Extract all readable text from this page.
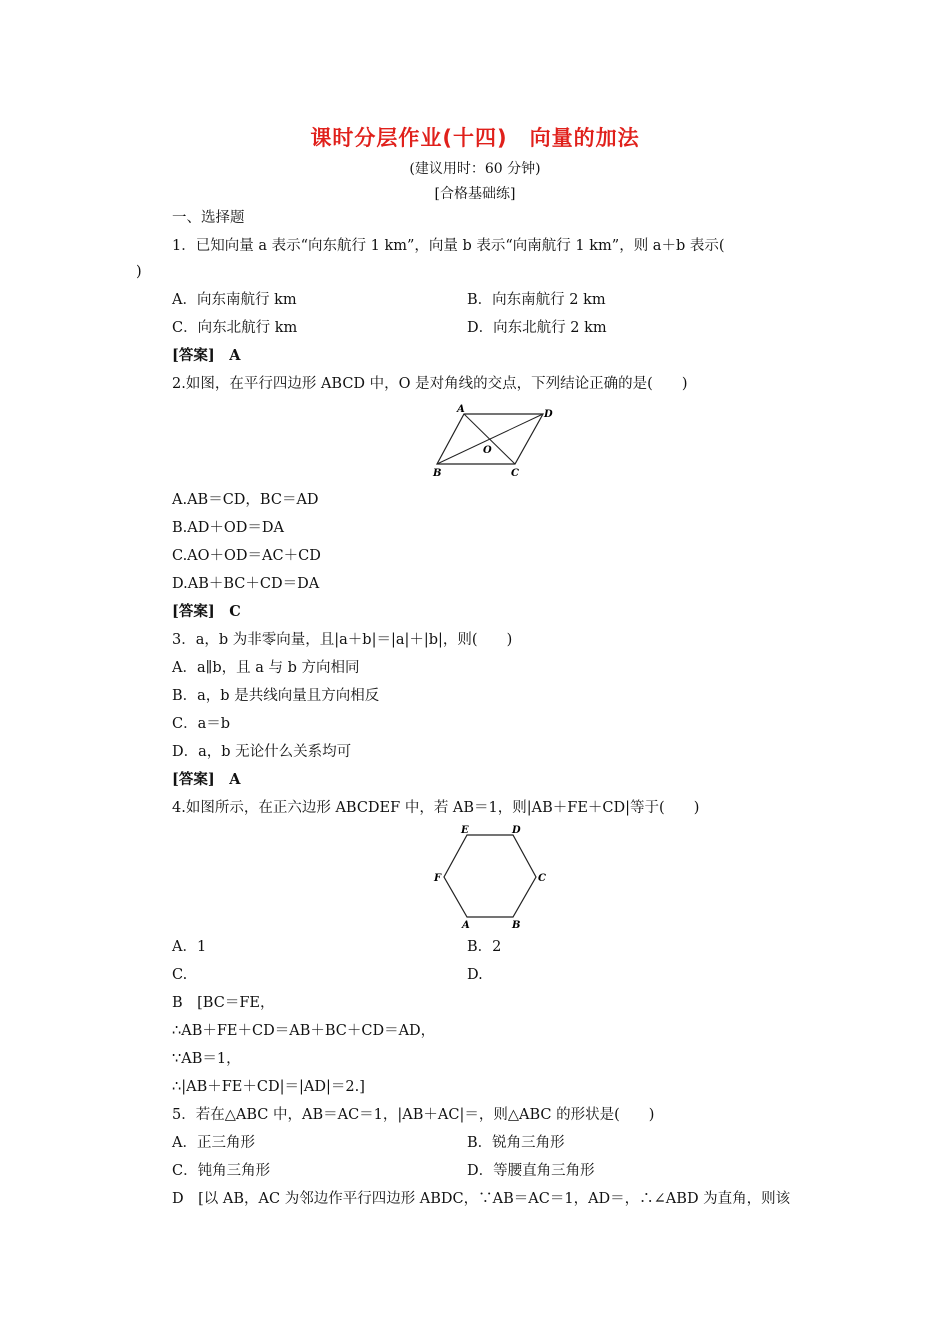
课时分层作业(十四)　向量的加法
(建议用时：60 分钟)
[合格基础练]
一、选择题
1．已知向量 a 表示“向东航行 1 km”，向量 b 表示“向南航行 1 km”，则 a＋b 表示(
)
A．向东南航行 km	B．向东南航行 2 km
C．向东北航行 km	D．向东北航行 2 km
[答案]　A
2.如图，在平行四边形 ABCD 中，O 是对角线的交点，下列结论正确的是(　　)
A	D
O
B	C
A.AB＝CD，BC＝AD
B.AD＋OD＝DA
C.AO＋OD＝AC＋CD
D.AB＋BC＋CD＝DA
[答案]　C
3．a，b 为非零向量，且|a＋b|＝|a|＋|b|，则(　　)
A．a∥b，且 a 与 b 方向相同
B．a，b 是共线向量且方向相反
C．a＝b
D．a，b 无论什么关系均可
[答案]　A
4.如图所示，在正六边形 ABCDEF 中，若 AB＝1，则|AB＋FE＋CD|等于(　　)
E	D
F	C
A	B
A．1	B．2
C.	D.
B　[BC＝FE，
∴AB＋FE＋CD＝AB＋BC＋CD＝AD，
∵AB＝1，
∴|AB＋FE＋CD|＝|AD|＝2.]
5．若在△ABC 中，AB＝AC＝1，|AB＋AC|＝，则△ABC 的形状是(　　)
A．正三角形	B．锐角三角形
C．钝角三角形	D．等腰直角三角形
D　[以 AB，AC 为邻边作平行四边形 ABDC，∵AB＝AC＝1，AD＝，∴∠ABD 为直角，则该
